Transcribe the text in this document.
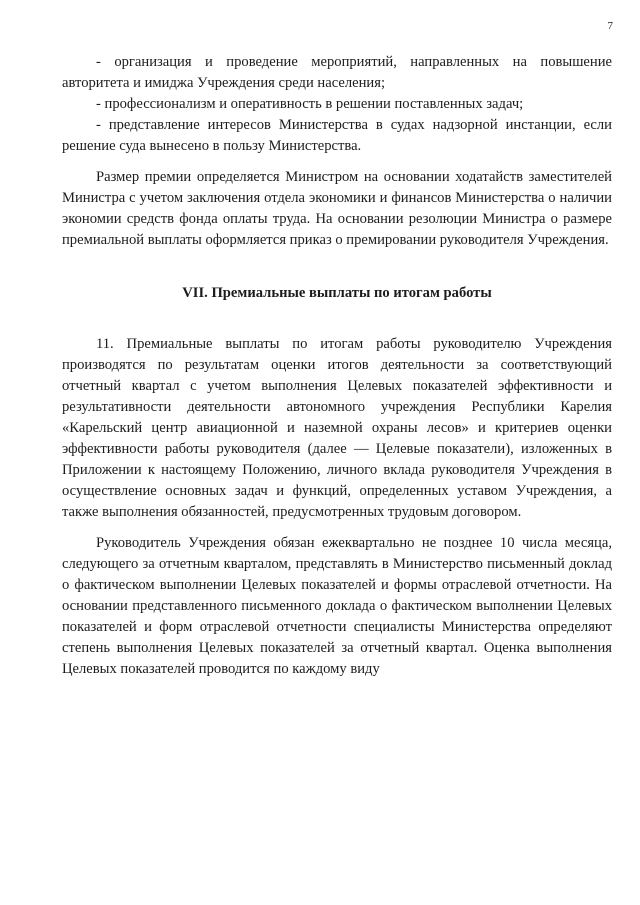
7

- организация и проведение мероприятий, направленных на повышение авторитета и имиджа Учреждения среди населения;

- профессионализм и оперативность в решении поставленных задач;

- представление интересов Министерства в судах надзорной инстанции, если решение суда вынесено в пользу Министерства.

Размер премии определяется Министром на основании ходатайств заместителей Министра с учетом заключения отдела экономики и финансов Министерства о наличии экономии средств фонда оплаты труда. На основании резолюции Министра о размере премиальной выплаты оформляется приказ о премировании руководителя Учреждения.

VII. Премиальные выплаты по итогам работы

11. Премиальные выплаты по итогам работы руководителю Учреждения производятся по результатам оценки итогов деятельности за соответствующий отчетный квартал с учетом выполнения Целевых показателей эффективности и результативности деятельности автономного учреждения Республики Карелия «Карельский центр авиационной и наземной охраны лесов» и критериев оценки эффективности работы руководителя (далее — Целевые показатели), изложенных в Приложении к настоящему Положению, личного вклада руководителя Учреждения в осуществление основных задач и функций, определенных уставом Учреждения, а также выполнения обязанностей, предусмотренных трудовым договором.

Руководитель Учреждения обязан ежеквартально не позднее 10 числа месяца, следующего за отчетным кварталом, представлять в Министерство письменный доклад о фактическом выполнении Целевых показателей и формы отраслевой отчетности. На основании представленного письменного доклада о фактическом выполнении Целевых показателей и форм отраслевой отчетности специалисты Министерства определяют степень выполнения Целевых показателей за отчетный квартал. Оценка выполнения Целевых показателей проводится по каждому виду
